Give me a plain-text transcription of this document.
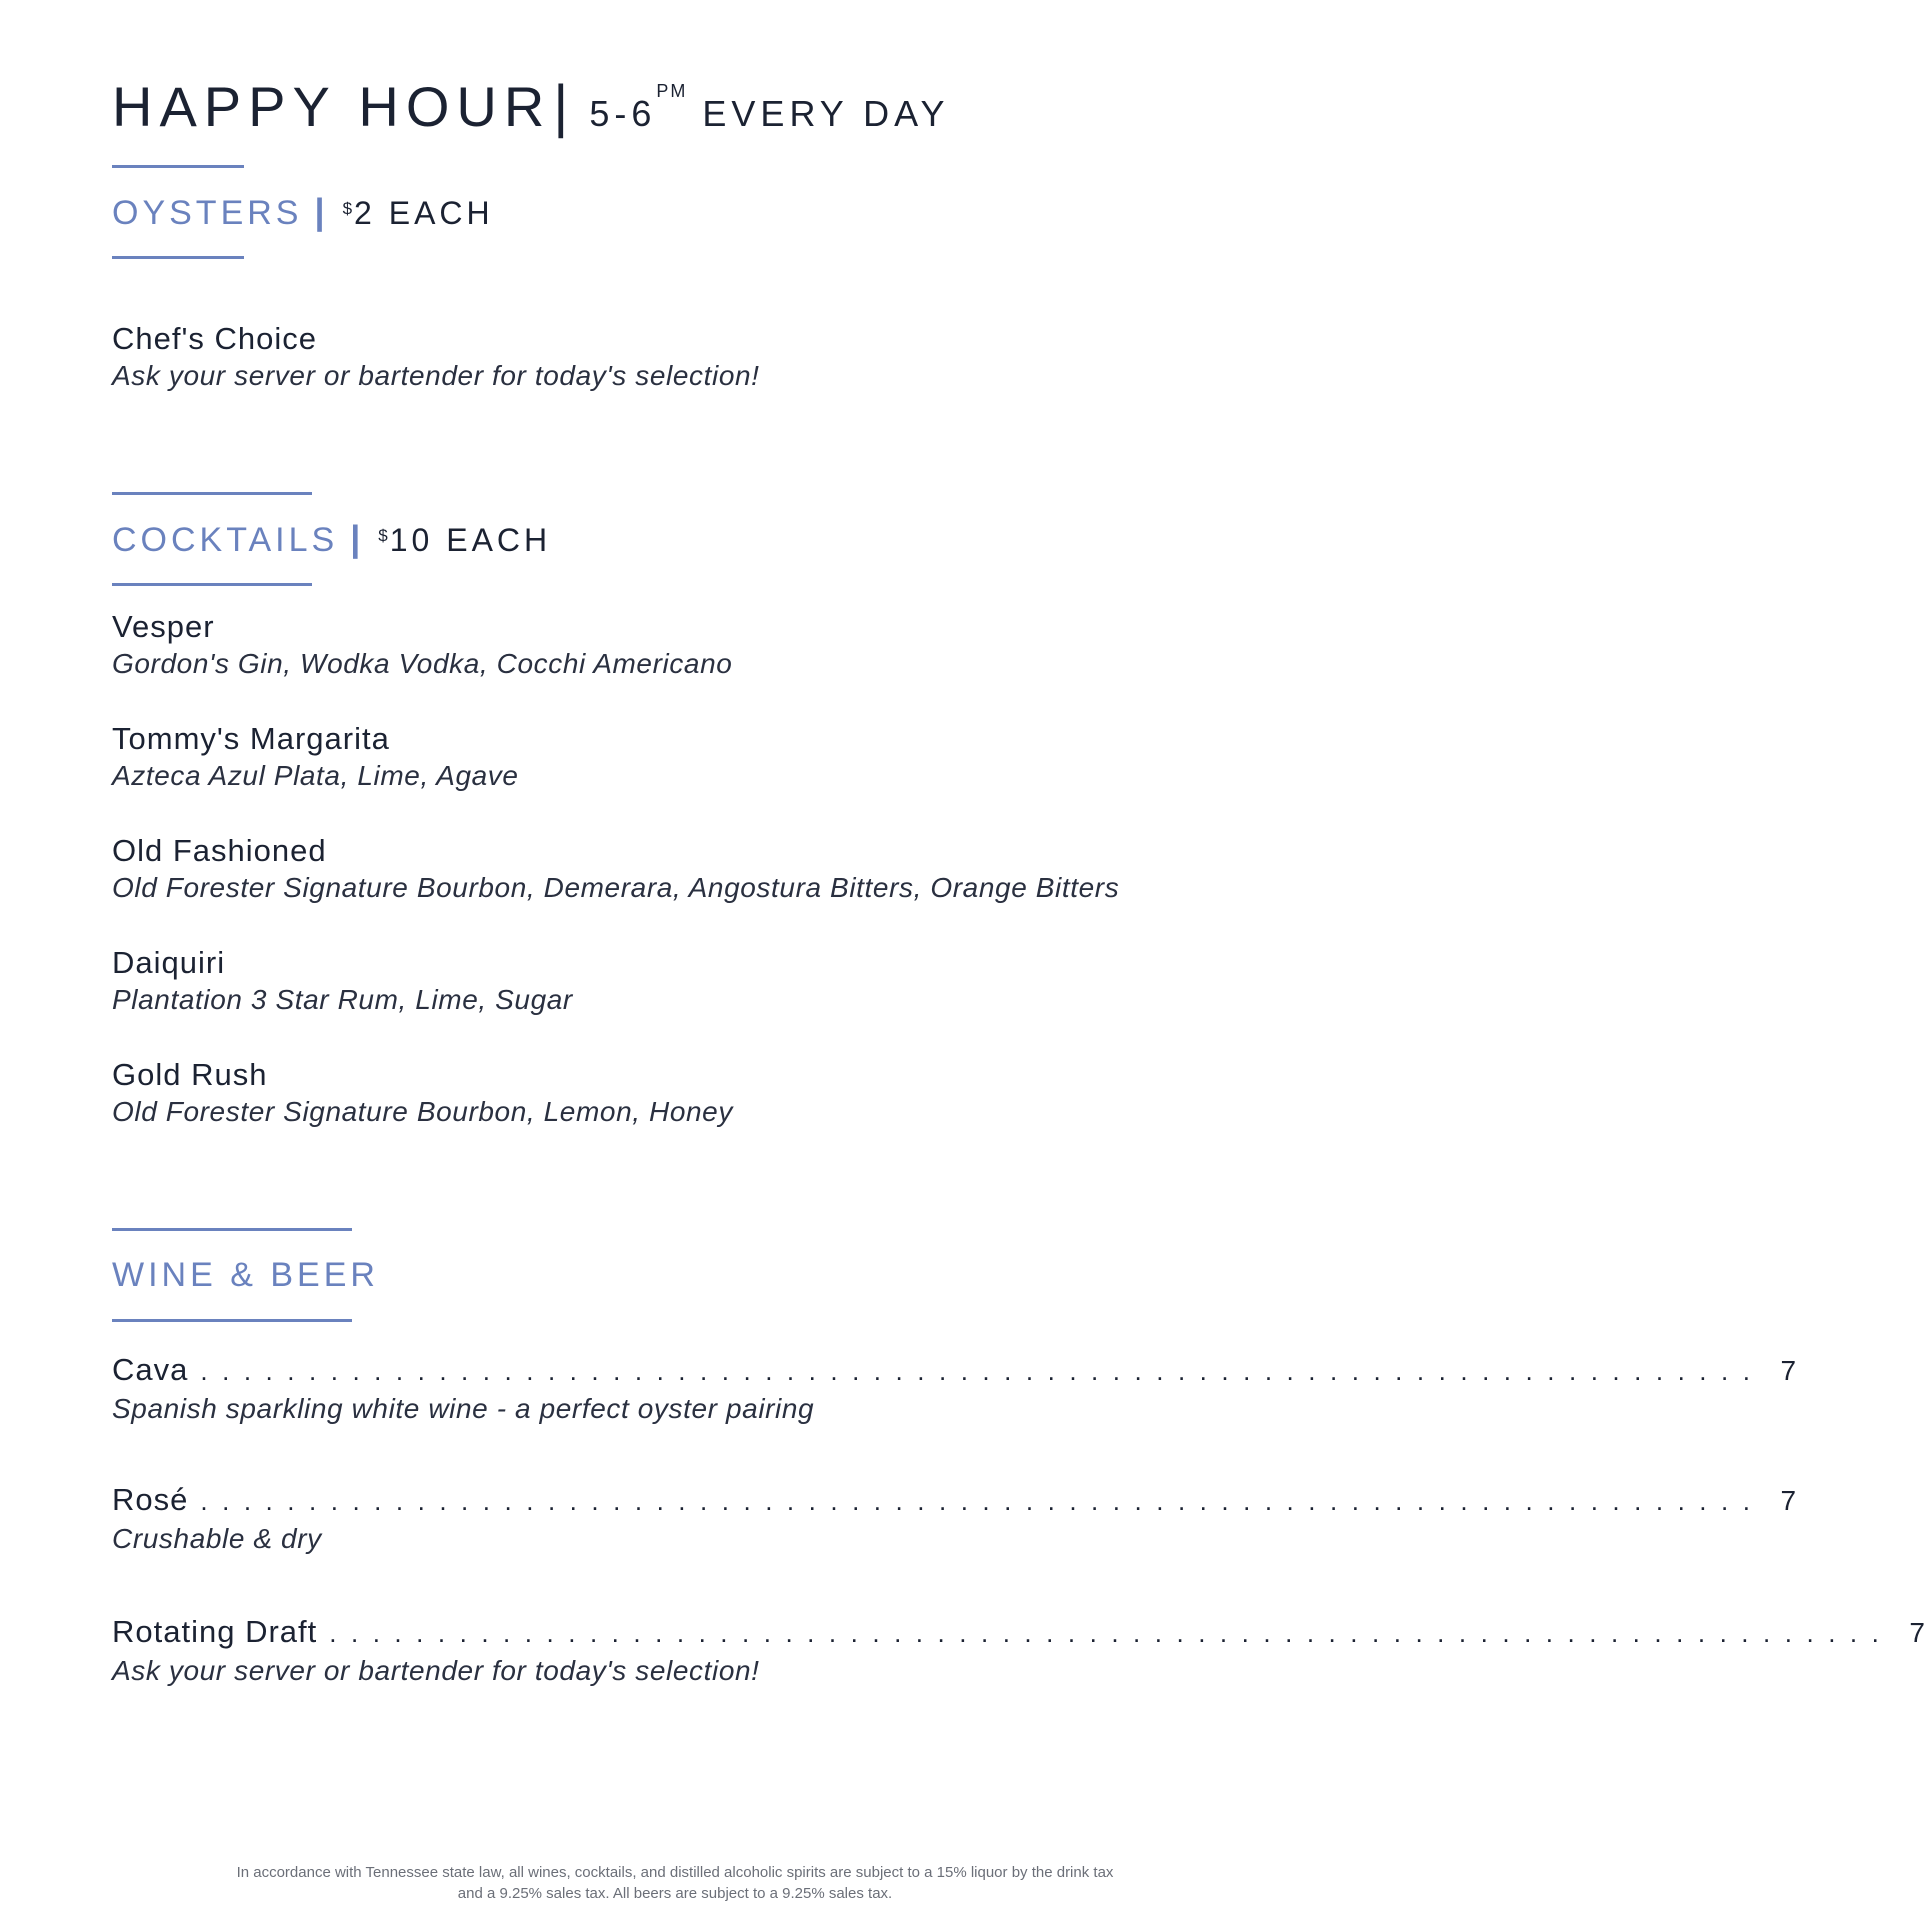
HAPPY HOUR| $5-6^{PM}$ EVERY DAY
OYSTERS | $2 EACH
Chef's Choice
Ask your server or bartender for today's selection!
COCKTAILS | $10 EACH
Vesper
Gordon's Gin, Wodka Vodka, Cocchi Americano
Tommy's Margarita
Azteca Azul Plata, Lime, Agave
Old Fashioned
Old Forester Signature Bourbon, Demerara, Angostura Bitters, Orange Bitters
Daiquiri
Plantation 3 Star Rum, Lime, Sugar
Gold Rush
Old Forester Signature Bourbon, Lemon, Honey
WINE & BEER
Cava ........................................................................ 7
Spanish sparkling white wine - a perfect oyster pairing
Rosé ........................................................................ 7
Crushable & dry
Rotating Draft ........................................................................ 7
Ask your server or bartender for today's selection!
In accordance with Tennessee state law, all wines, cocktails, and distilled alcoholic spirits are subject to a 15% liquor by the drink tax
and a 9.25% sales tax. All beers are subject to a 9.25% sales tax.
